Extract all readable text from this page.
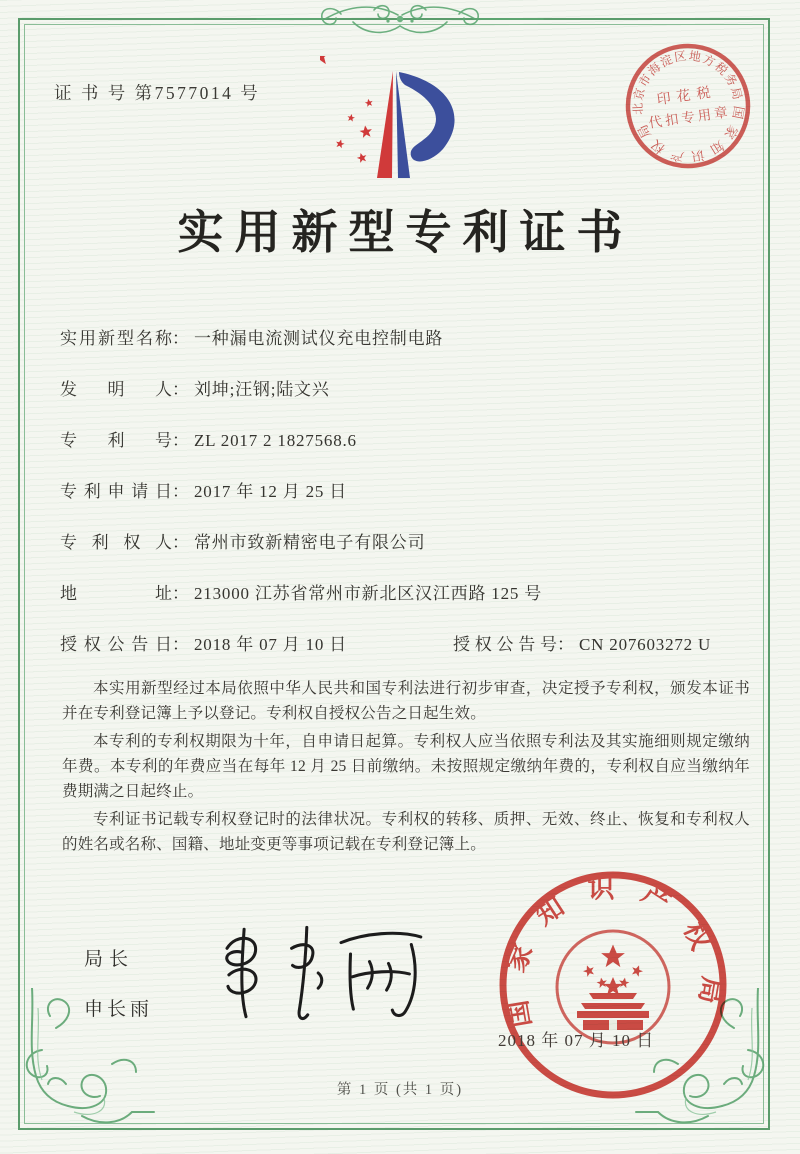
证 书 号 第7577014 号
实用新型专利证书
实用新型名称 ： 一种漏电流测试仪充电控制电路
发明人 ： 刘坤;汪钢;陆文兴
专利号 ： ZL 2017 2 1827568.6
专利申请日 ： 2017 年 12 月 25 日
专利权人 ： 常州市致新精密电子有限公司
地址 ： 213000 江苏省常州市新北区汉江西路 125 号
授权公告日 ： 2018 年 07 月 10 日	授权公告号 ： CN 207603272 U

本实用新型经过本局依照中华人民共和国专利法进行初步审查，决定授予专利权，颁发本证书并在专利登记簿上予以登记。专利权自授权公告之日起生效。

本专利的专利权期限为十年，自申请日起算。专利权人应当依照专利法及其实施细则规定缴纳年费。本专利的年费应当在每年 12 月 25 日前缴纳。未按照规定缴纳年费的，专利权自应当缴纳年费期满之日起终止。

专利证书记载专利权登记时的法律状况。专利权的转移、质押、无效、终止、恢复和专利权人的姓名或名称、国籍、地址变更等事项记载在专利登记簿上。

局长
申长雨	国家知识产权局
2018 年 07 月 10 日
北京市海淀区地方税务局
国家知识产权局
印花税
代扣专用章
第 1 页 (共 1 页)
